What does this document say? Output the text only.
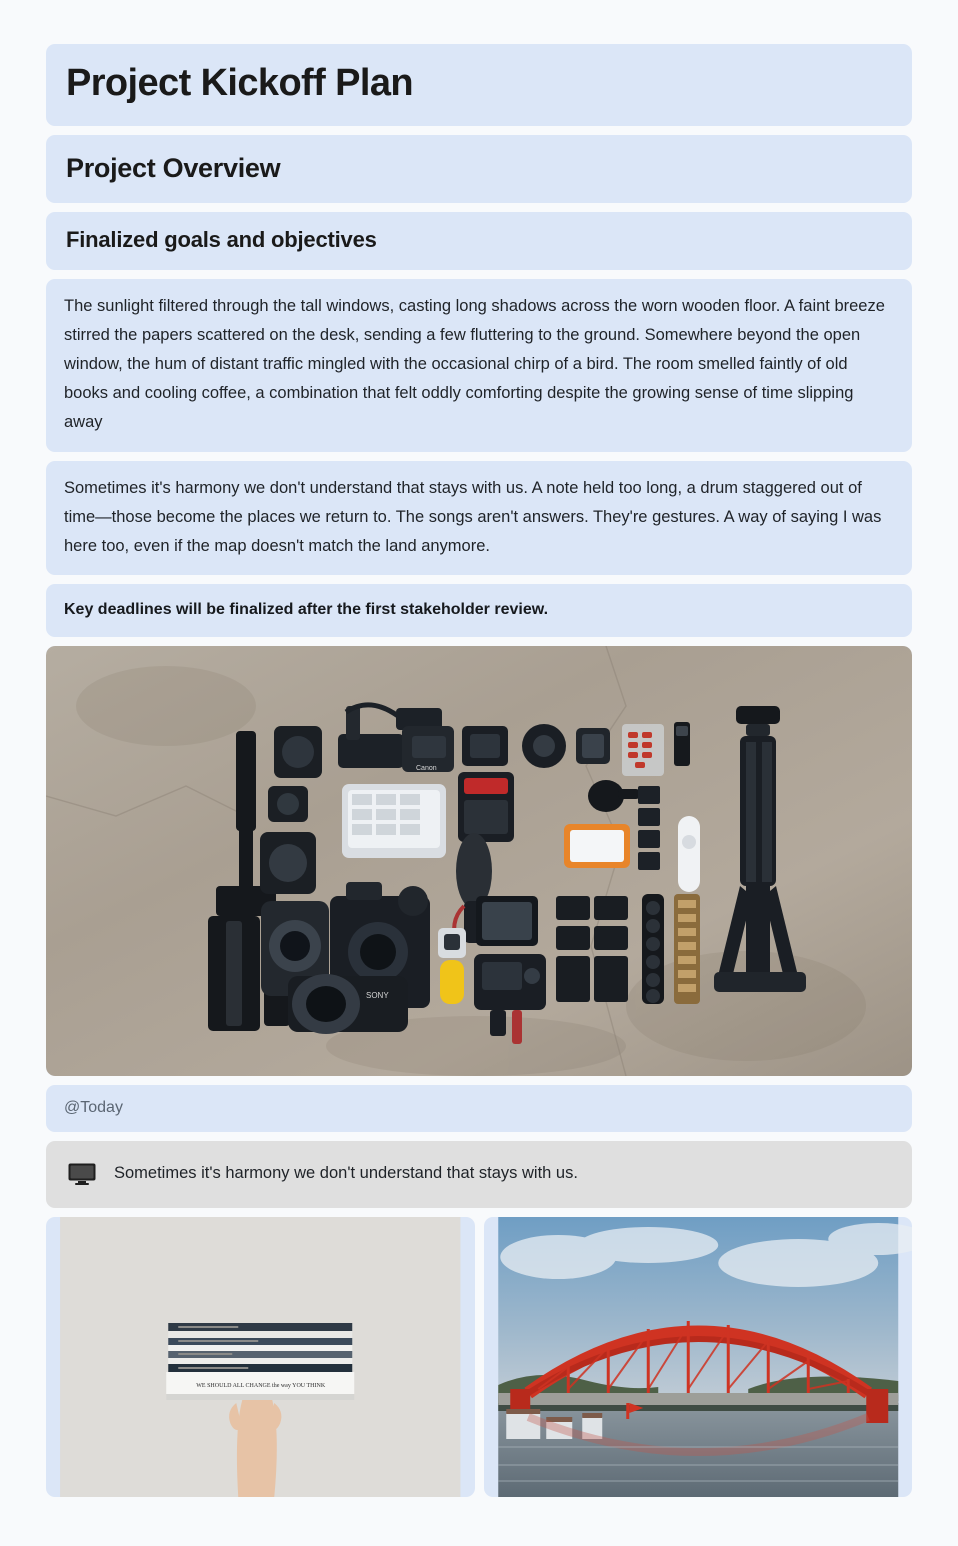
Project Kickoff Plan
Project Overview
Finalized goals and objectives
The sunlight filtered through the tall windows, casting long shadows across the worn wooden floor. A faint breeze stirred the papers scattered on the desk, sending a few fluttering to the ground. Somewhere beyond the open window, the hum of distant traffic mingled with the occasional chirp of a bird. The room smelled faintly of old books and cooling coffee, a combination that felt oddly comforting despite the growing sense of time slipping away
Sometimes it's harmony we don't understand that stays with us. A note held too long, a drum staggered out of time—those become the places we return to. The songs aren't answers. They're gestures. A way of saying I was here too, even if the map doesn't match the land anymore.
Key deadlines will be finalized after the first stakeholder review.
Canon
SONY
@Today
Sometimes it's harmony we don't understand that stays with us.
WE SHOULD ALL CHANGE the way YOU THINK
